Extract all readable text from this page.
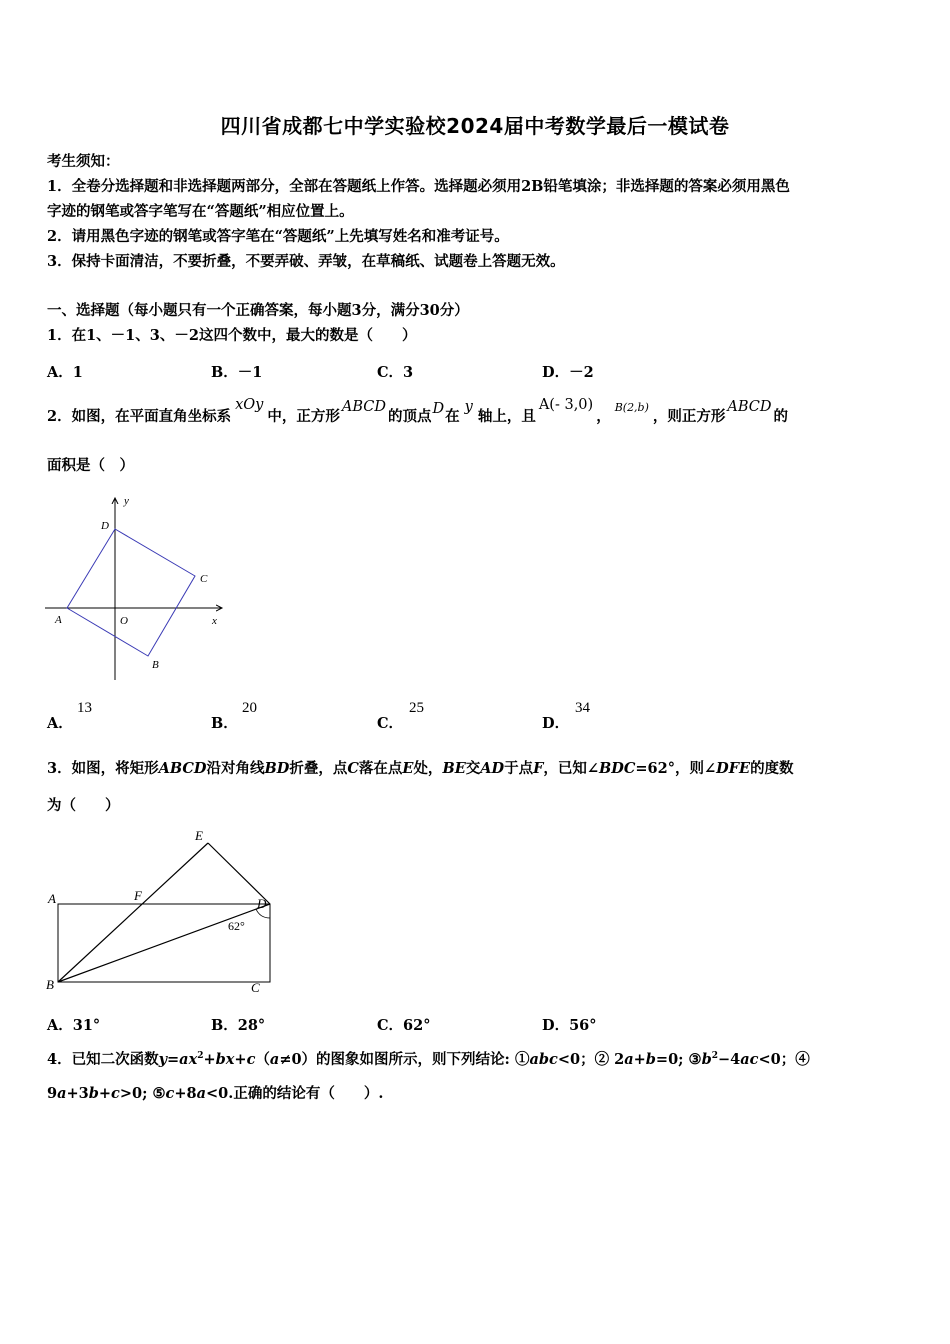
四川省成都七中学实验校2024届中考数学最后一模试卷
考生须知：
1．全卷分选择题和非选择题两部分，全部在答题纸上作答。选择题必须用2B铅笔填涂；非选择题的答案必须用黑色
字迹的钢笔或答字笔写在“答题纸”相应位置上。
2．请用黑色字迹的钢笔或答字笔在“答题纸”上先填写姓名和准考证号。
3．保持卡面清洁，不要折叠，不要弄破、弄皱，在草稿纸、试题卷上答题无效。
一、选择题（每小题只有一个正确答案，每小题3分，满分30分）
1．在1、－1、3、－2这四个数中，最大的数是（　　）
A．1	B．－1	C．3	D．－2
2．如图，在平面直角坐标系xOy中，正方形ABCD的顶点D在y轴上，且A(- 3,0)，$^{B(2,b)}$，则正方形ABCD的
面积是（　）
y
x
D
C
A	O
B
A．
13
B．
20
C．
25
D．
34
3．如图，将矩形ABCD沿对角线BD折叠，点C落在点E处，BE交AD于点F，已知∠BDC=62°，则∠DFE的度数
为（　　）
E
A	F
D
62°
B	C
A．31°	B．28°	C．62°	D．56°
4．已知二次函数$y=ax^2+bx+c(a\ne 0)$的图象如图所示，则下列结论: ①abc<0；② 2a+b=0; $③b^2-4ac<0$；④
9a+3b+c>0; ⑤c+8a<0.正确的结论有（　　）.
